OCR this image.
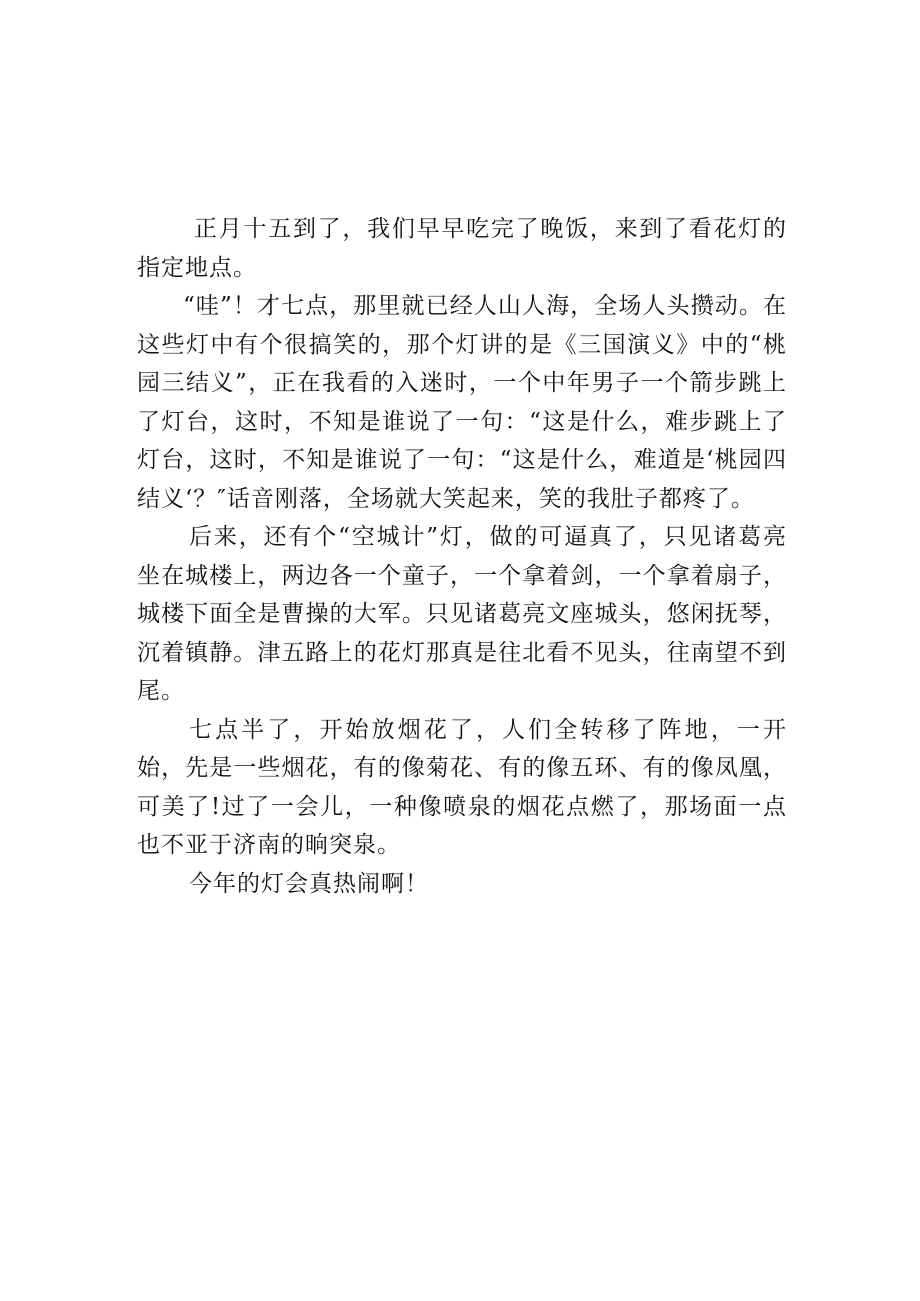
正月十五到了，我们早早吃完了晚饭，来到了看花灯的指定地点。

“哇”！才七点，那里就已经人山人海，全场人头攒动。在这些灯中有个很搞笑的，那个灯讲的是《三国演义》中的“桃园三结义”，正在我看的入迷时，一个中年男子一个箭步跳上了灯台，这时，不知是谁说了一句：“这是什么，难步跳上了灯台，这时，不知是谁说了一句：“这是什么，难道是‘桃园四结义‘？″话音刚落，全场就大笑起来，笑的我肚子都疼了。

后来，还有个“空城计”灯，做的可逼真了，只见诸葛亮坐在城楼上，两边各一个童子，一个拿着剑，一个拿着扇子，城楼下面全是曹操的大军。只见诸葛亮文座城头，悠闲抚琴，沉着镇静。津五路上的花灯那真是往北看不见头，往南望不到尾。

七点半了，开始放烟花了，人们全转移了阵地，一开始，先是一些烟花，有的像菊花、有的像五环、有的像凤凰，可美了!过了一会儿，一种像喷泉的烟花点燃了，那场面一点也不亚于济南的晌突泉。

今年的灯会真热闹啊！
